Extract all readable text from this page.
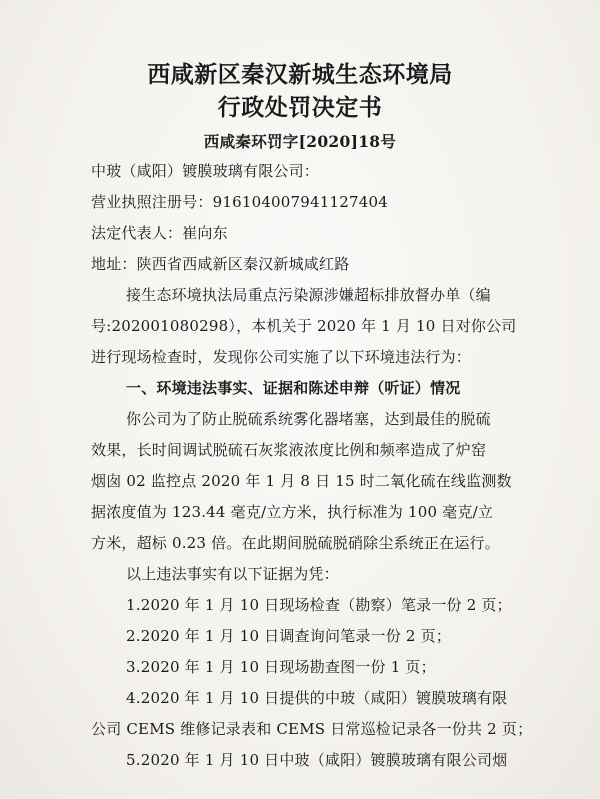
西咸新区秦汉新城生态环境局
行政处罚决定书
西咸秦环罚字[2020]18号
中玻（咸阳）镀膜玻璃有限公司：
营业执照注册号：916104007941127404
法定代表人：崔向东
地址：陕西省西咸新区秦汉新城咸红路
接生态环境执法局重点污染源涉嫌超标排放督办单（编
号:202001080298），本机关于 2020 年 1 月 10 日对你公司
进行现场检查时，发现你公司实施了以下环境违法行为：
一、环境违法事实、证据和陈述申辩（听证）情况
你公司为了防止脱硫系统雾化器堵塞，达到最佳的脱硫
效果，长时间调试脱硫石灰浆液浓度比例和频率造成了炉窑
烟囱 02 监控点 2020 年 1 月 8 日 15 时二氧化硫在线监测数
据浓度值为 123.44 毫克/立方米，执行标准为 100 毫克/立
方米，超标 0.23 倍。在此期间脱硫脱硝除尘系统正在运行。
以上违法事实有以下证据为凭：
1.2020 年 1 月 10 日现场检查（勘察）笔录一份 2 页；
2.2020 年 1 月 10 日调查询问笔录一份 2 页；
3.2020 年 1 月 10 日现场勘查图一份 1 页；
4.2020 年 1 月 10 日提供的中玻（咸阳）镀膜玻璃有限
公司 CEMS 维修记录表和 CEMS 日常巡检记录各一份共 2 页；
5.2020 年 1 月 10 日中玻（咸阳）镀膜玻璃有限公司烟
